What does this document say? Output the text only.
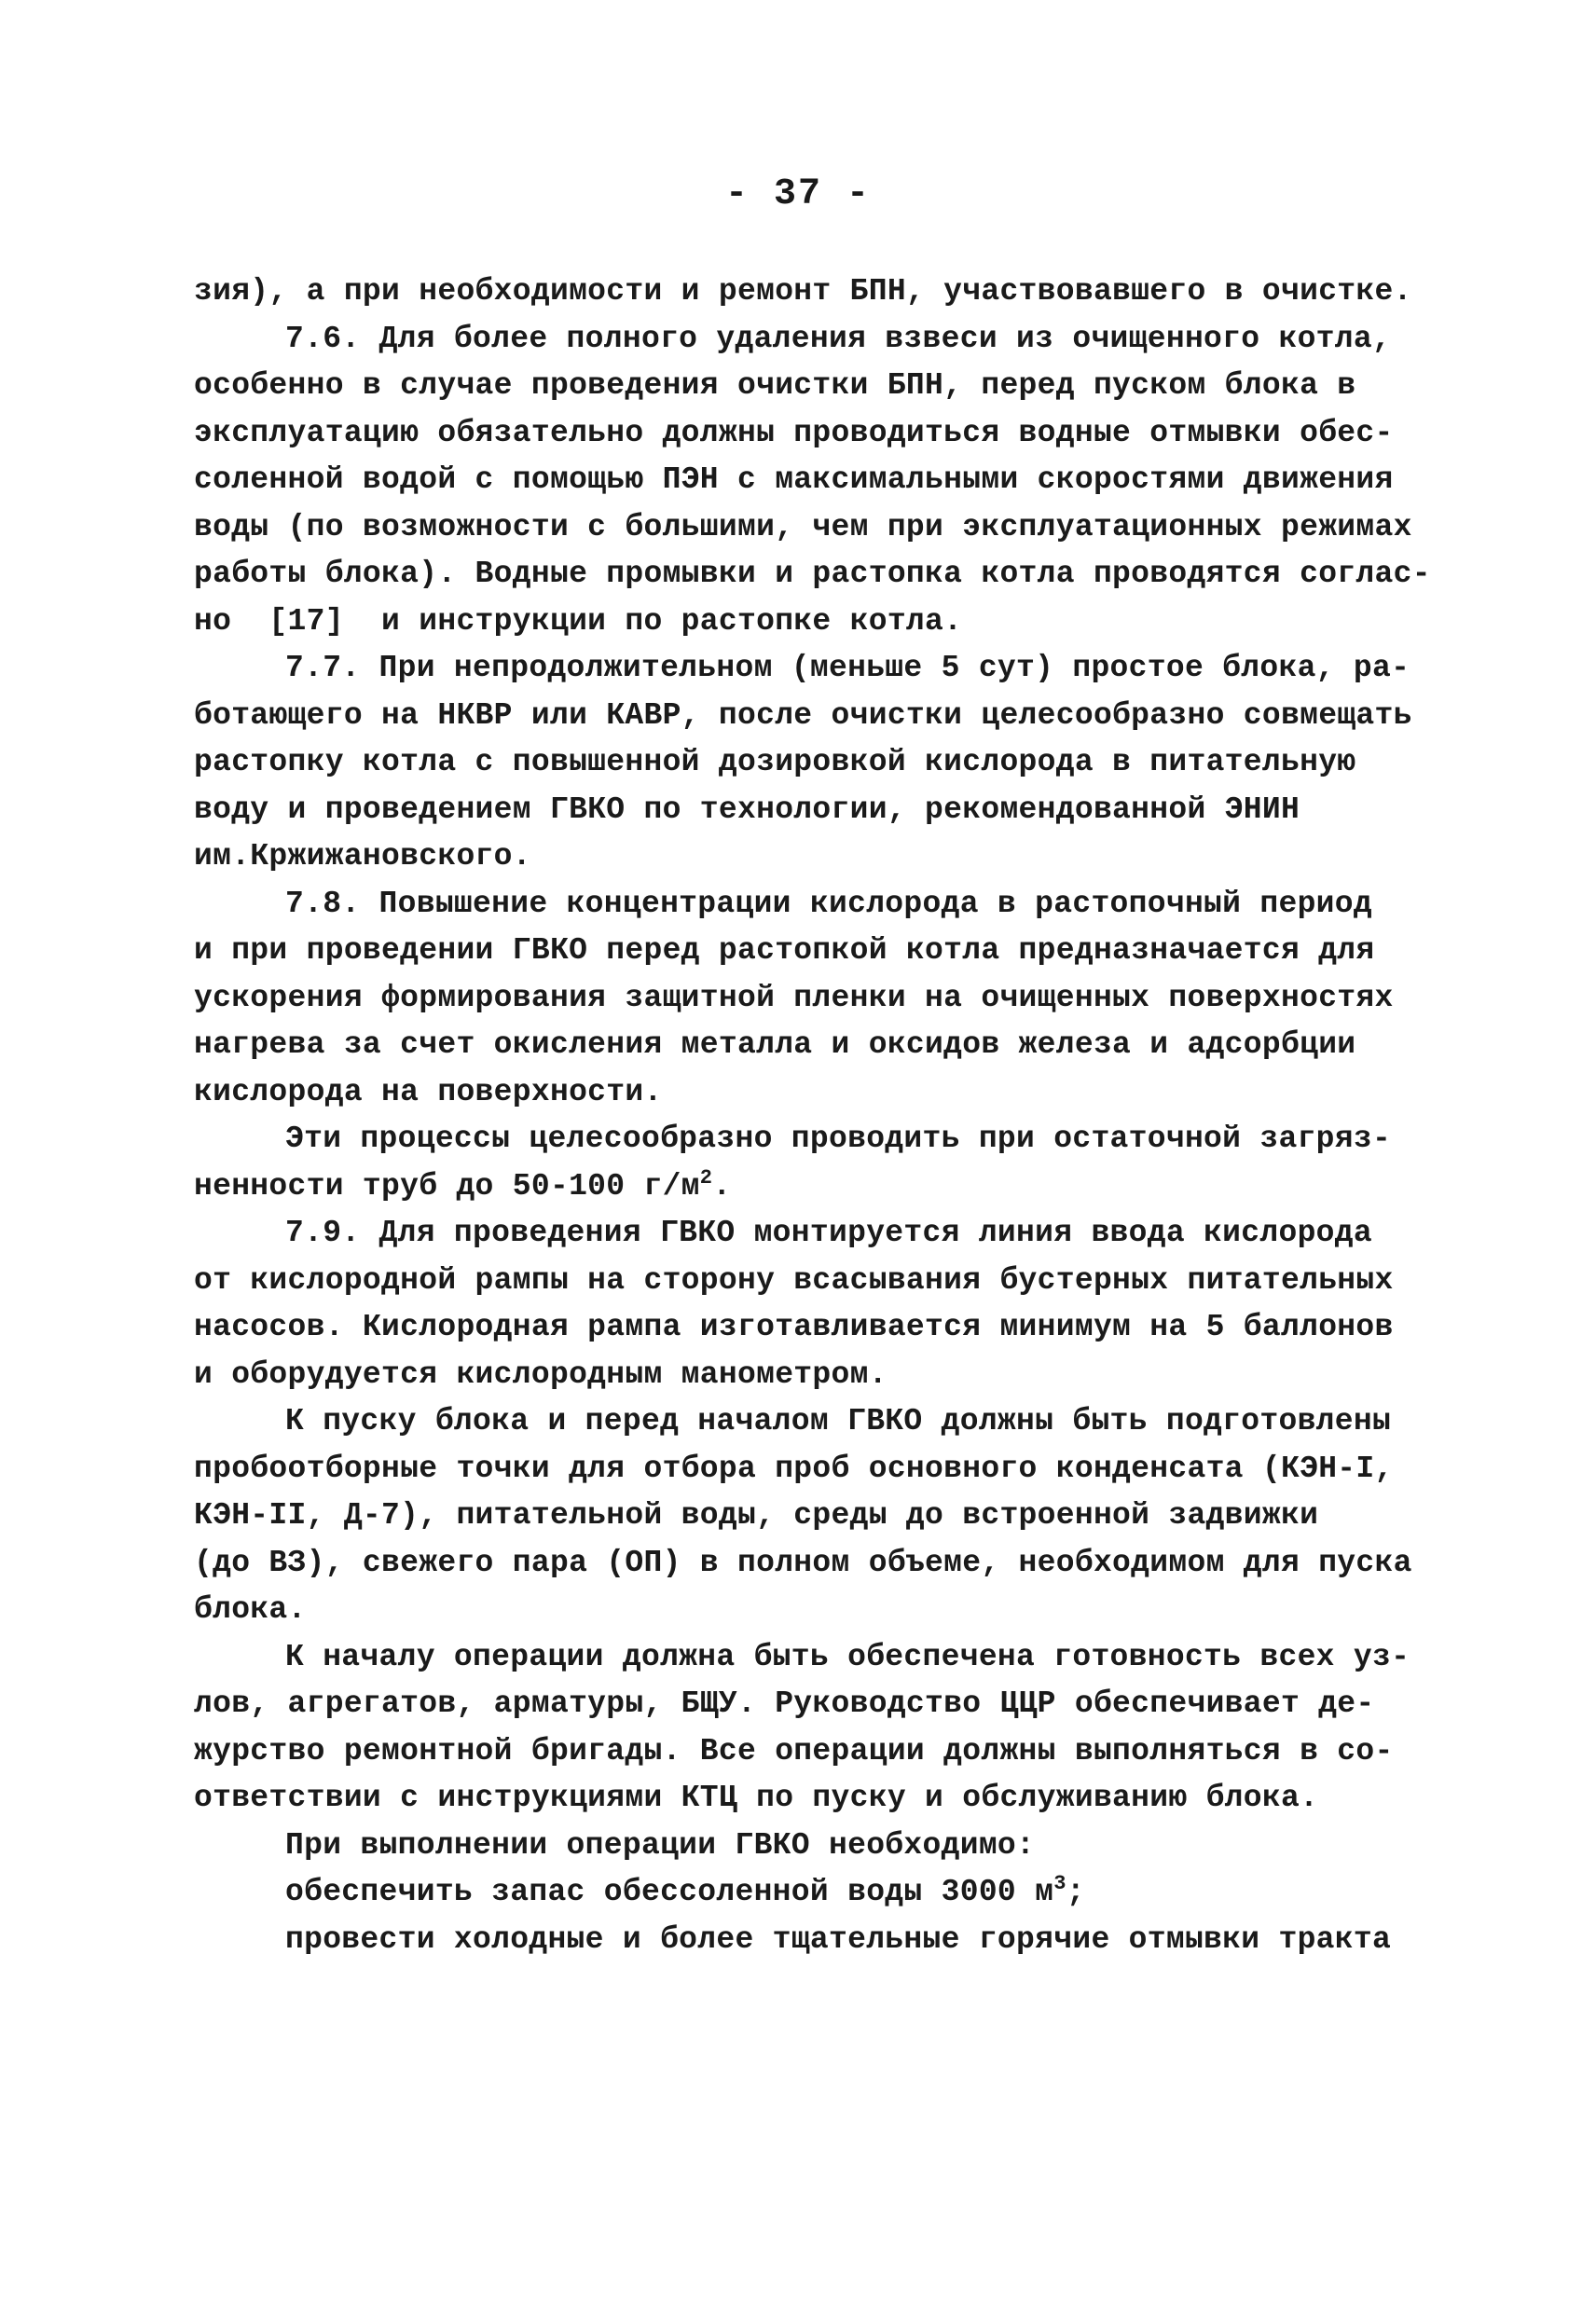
- 37 -
зия), а при необходимости и ремонт БПН, участвовавшего в очистке.
7.6. Для более полного удаления взвеси из очищенного котла,
особенно в случае проведения очистки БПН, перед пуском блока в
эксплуатацию обязательно должны проводиться водные отмывки обес-
соленной водой с помощью ПЭН с максимальными скоростями движения
воды (по возможности с большими, чем при эксплуатационных режимах
работы блока). Водные промывки и растопка котла проводятся соглас-
но  [17]  и инструкции по растопке котла.
7.7. При непродолжительном (меньше 5 сут) простое блока, ра-
ботающего на НКВР или КАВР, после очистки целесообразно совмещать
растопку котла с повышенной дозировкой кислорода в питательную
воду и проведением ГВКО по технологии, рекомендованной ЭНИН
им.Кржижановского.
7.8. Повышение концентрации кислорода в растопочный период
и при проведении ГВКО перед растопкой котла предназначается для
ускорения формирования защитной пленки на очищенных поверхностях
нагрева за счет окисления металла и оксидов железа и адсорбции
кислорода на поверхности.
Эти процессы целесообразно проводить при остаточной загряз-
ненности труб до 50-100 $г/м^2$.
7.9. Для проведения ГВКО монтируется линия ввода кислорода
от кислородной рампы на сторону всасывания бустерных питательных
насосов. Кислородная рампа изготавливается минимум на 5 баллонов
и оборудуется кислородным манометром.
К пуску блока и перед началом ГВКО должны быть подготовлены
пробоотборные точки для отбора проб основного конденсата (КЭН-I,
КЭН-II, Д-7), питательной воды, среды до встроенной задвижки
(до ВЗ), свежего пара (ОП) в полном объеме, необходимом для пуска
блока.
К началу операции должна быть обеспечена готовность всех уз-
лов, агрегатов, арматуры, БЩУ. Руководство ЦЦР обеспечивает де-
журство ремонтной бригады. Все операции должны выполняться в со-
ответствии с инструкциями КТЦ по пуску и обслуживанию блока.
При выполнении операции ГВКО необходимо:
обеспечить запас обессоленной воды 3000 $м^3$;
провести холодные и более тщательные горячие отмывки тракта
